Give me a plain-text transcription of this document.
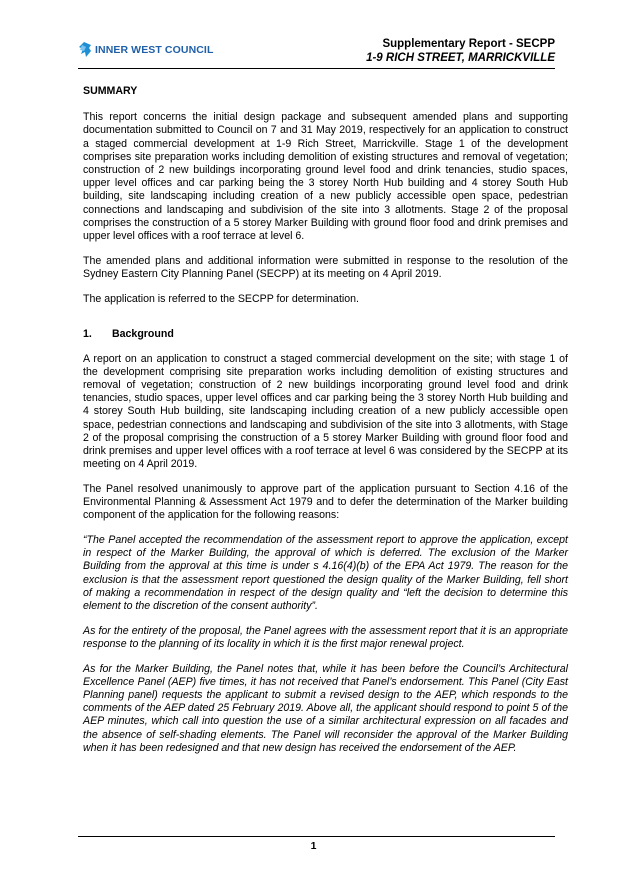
INNER WEST COUNCIL	Supplementary Report - SECPP
1-9 RICH STREET, MARRICKVILLE
SUMMARY

This report concerns the initial design package and subsequent amended plans and supporting documentation submitted to Council on 7 and 31 May 2019, respectively for an application to construct a staged commercial development at 1-9 Rich Street, Marrickville. Stage 1 of the development comprises site preparation works including demolition of existing structures and removal of vegetation; construction of 2 new buildings incorporating ground level food and drink tenancies, studio spaces, upper level offices and car parking being the 3 storey North Hub building and 4 storey South Hub building, site landscaping including creation of a new publicly accessible open space, pedestrian connections and landscaping and subdivision of the site into 3 allotments. Stage 2 of the proposal comprises the construction of a 5 storey Marker Building with ground floor food and drink premises and upper level offices with a roof terrace at level 6.

The amended plans and additional information were submitted in response to the resolution of the Sydney Eastern City Planning Panel (SECPP) at its meeting on 4 April 2019.

The application is referred to the SECPP for determination.

1.	Background

A report on an application to construct a staged commercial development on the site; with stage 1 of the development comprising site preparation works including demolition of existing structures and removal of vegetation; construction of 2 new buildings incorporating ground level food and drink tenancies, studio spaces, upper level offices and car parking being the 3 storey North Hub building and 4 storey South Hub building, site landscaping including creation of a new publicly accessible open space, pedestrian connections and landscaping and subdivision of the site into 3 allotments, with Stage 2 of the proposal comprising the construction of a 5 storey Marker Building with ground floor food and drink premises and upper level offices with a roof terrace at level 6 was considered by the SECPP at its meeting on 4 April 2019.

The Panel resolved unanimously to approve part of the application pursuant to Section 4.16 of the Environmental Planning & Assessment Act 1979 and to defer the determination of the Marker building component of the application for the following reasons:

“The Panel accepted the recommendation of the assessment report to approve the application, except in respect of the Marker Building, the approval of which is deferred. The exclusion of the Marker Building from the approval at this time is under s 4.16(4)(b) of the EPA Act 1979. The reason for the exclusion is that the assessment report questioned the design quality of the Marker Building, fell short of making a recommendation in respect of the design quality and “left the decision to determine this element to the discretion of the consent authority”.

As for the entirety of the proposal, the Panel agrees with the assessment report that it is an appropriate response to the planning of its locality in which it is the first major renewal project.

As for the Marker Building, the Panel notes that, while it has been before the Council’s Architectural Excellence Panel (AEP) five times, it has not received that Panel’s endorsement. This Panel (City East Planning panel) requests the applicant to submit a revised design to the AEP, which responds to the comments of the AEP dated 25 February 2019. Above all, the applicant should respond to point 5 of the AEP minutes, which call into question the use of a similar architectural expression on all facades and the absence of self-shading elements. The Panel will reconsider the approval of the Marker Building when it has been redesigned and that new design has received the endorsement of the AEP.

1
